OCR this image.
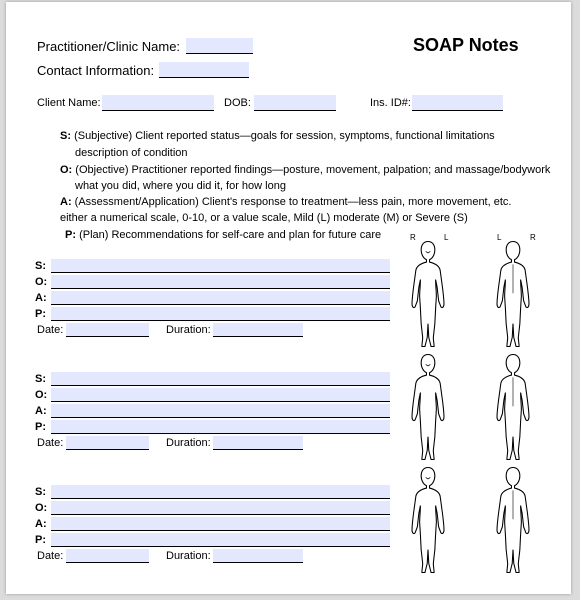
Practitioner/Clinic Name:
Contact Information:
SOAP Notes
Client Name:	DOB:	Ins. ID#:
S: (Subjective) Client reported status—goals for session, symptoms, functional limitations
description of condition
O: (Objective) Practitioner reported findings—posture, movement, palpation; and massage/bodywork
what you did, where you did it, for how long
A: (Assessment/Application) Client's response to treatment—less pain, more movement, etc.
either a numerical scale, 0-10, or a value scale, Mild (L) moderate (M) or Severe (S)
P: (Plan) Recommendations for self-care and plan for future care
S:
O:
A:
P:
Date:	Duration:
S:
O:
A:
P:
Date:	Duration:
S:
O:
A:
P:
Date:	Duration:
R	L	L	R
